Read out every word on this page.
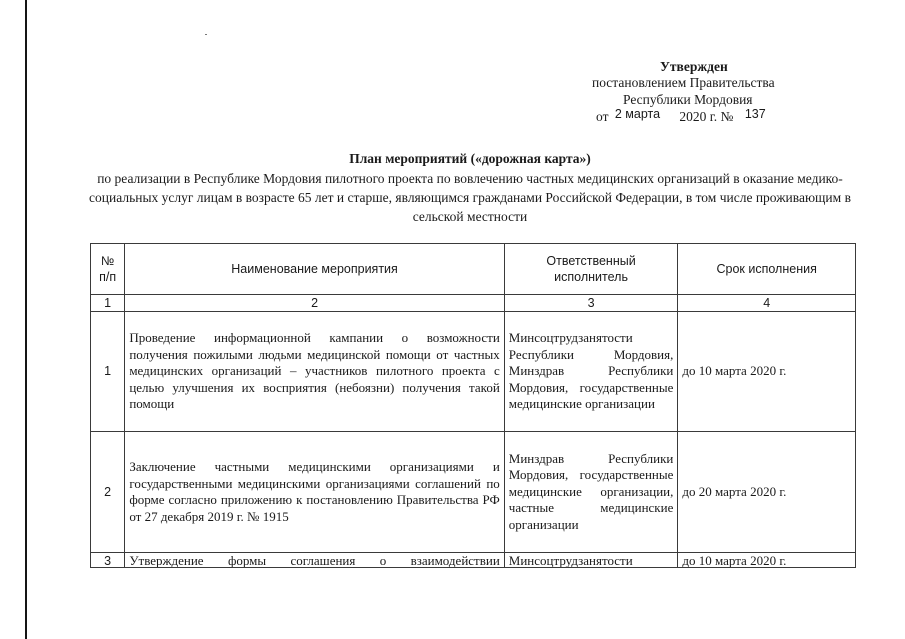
Утвержден
постановлением Правительства
Республики Мордовия
от 2 марта 2020 г. № 137
План мероприятий («дорожная карта»)
по реализации в Республике Мордовия пилотного проекта по вовлечению частных медицинских организаций в оказание медико-социальных услуг лицам в возрасте 65 лет и старше, являющимся гражданами Российской Федерации, в том числе проживающим в сельской местности
№ п/п	Наименование мероприятия	Ответственный исполнитель	Срок исполнения
1	2	3	4
1	Проведение информационной кампании о возможности получения пожилыми людьми медицинской помощи от частных медицинских организаций – участников пилотного проекта с целью улучшения их восприятия (небоязни) получения такой помощи	Минсоцтрудзанятости Республики Мордовия, Минздрав Республики Мордовия, государственные медицинские организации	до 10 марта 2020 г.
2	Заключение частными медицинскими организациями и государственными медицинскими организациями соглашений по форме согласно приложению к постановлению Правительства РФ от 27 декабря 2019 г. № 1915	Минздрав Республики Мордовия, государственные медицинские организации, частные медицинские организации	до 20 марта 2020 г.

3	Утверждение формы соглашения о взаимодействии	Минсоцтрудзанятости	до 10 марта 2020 г.
